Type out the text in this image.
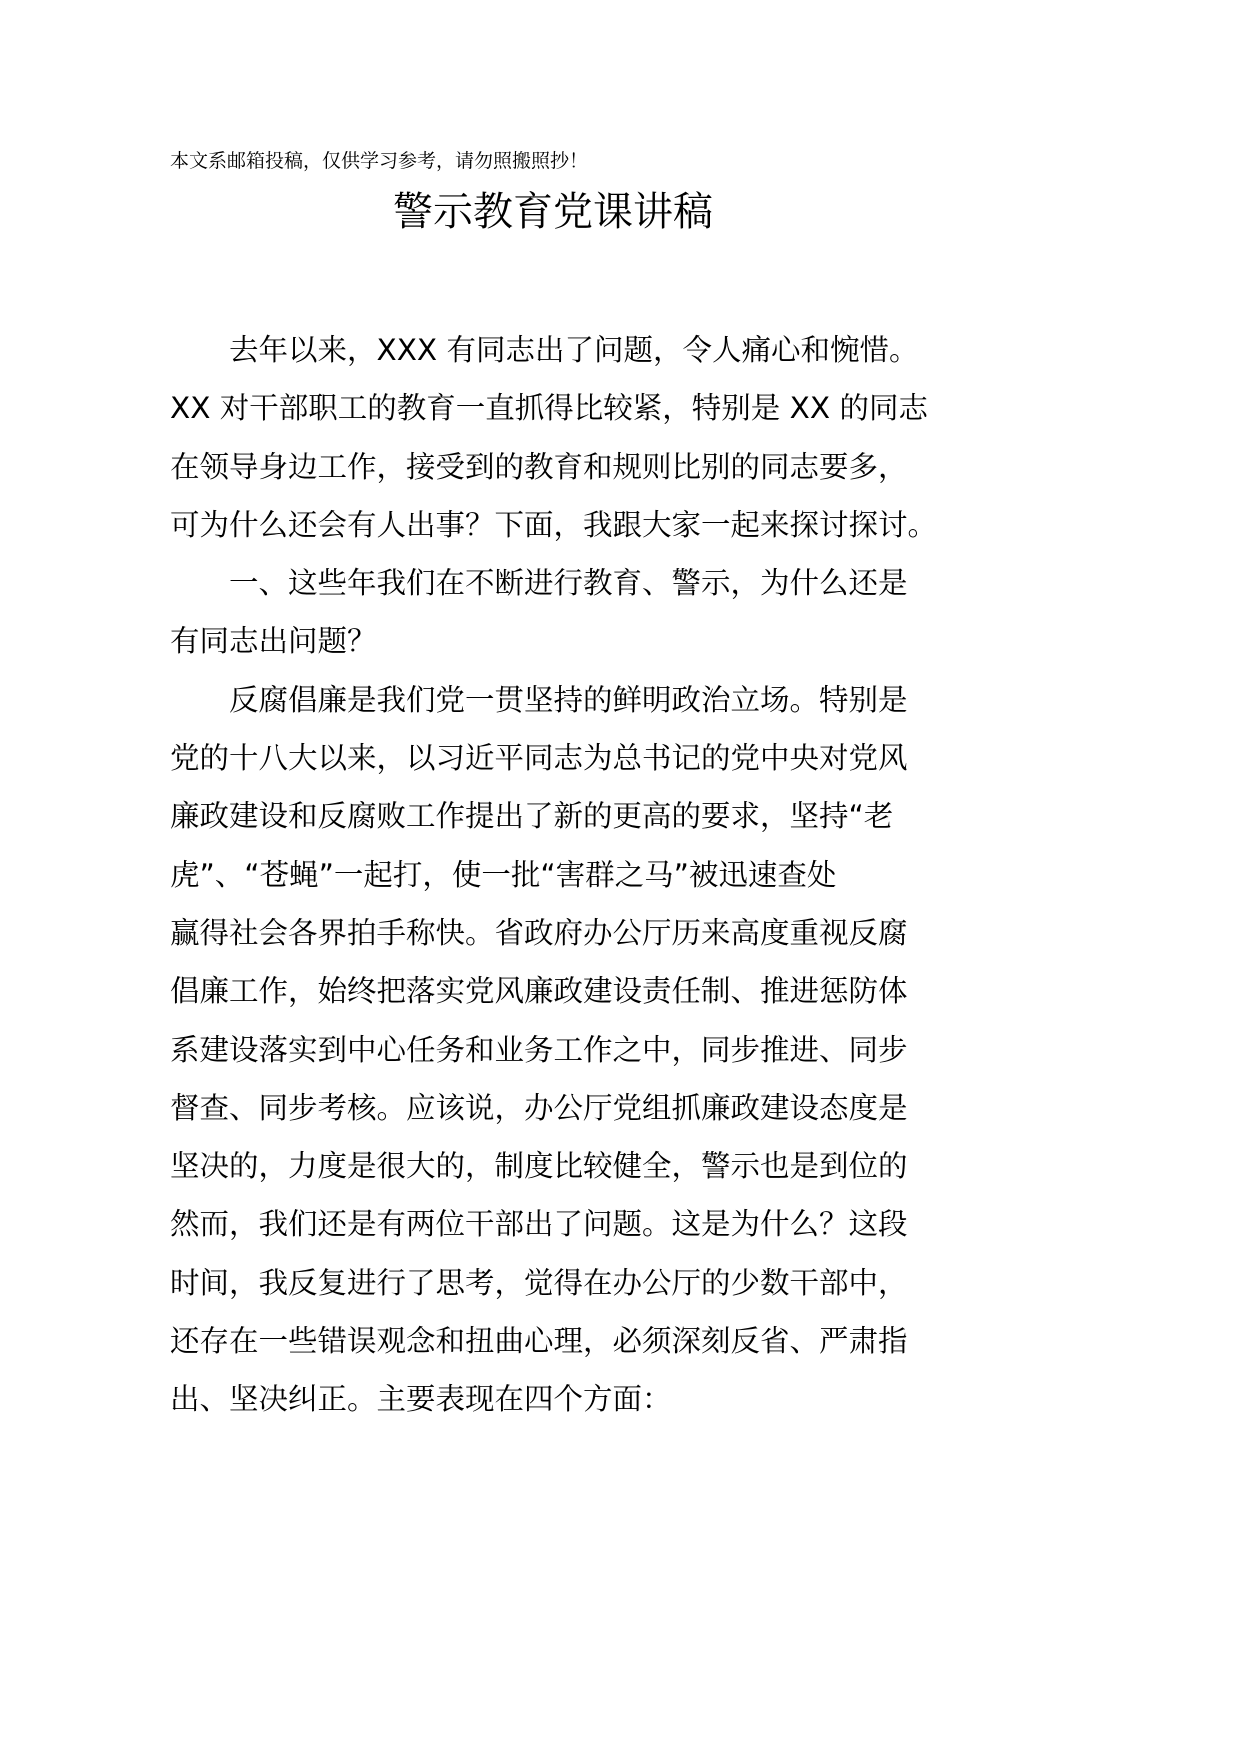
本文系邮箱投稿，仅供学习参考，请勿照搬照抄！
警示教育党课讲稿
　　去年以来，XXX 有同志出了问题，令人痛心和惋惜。
XX 对干部职工的教育一直抓得比较紧，特别是 XX 的同志
在领导身边工作，接受到的教育和规则比别的同志要多，
可为什么还会有人出事？下面，我跟大家一起来探讨探讨。
　　一、这些年我们在不断进行教育、警示，为什么还是
有同志出问题？
　　反腐倡廉是我们党一贯坚持的鲜明政治立场。特别是
党的十八大以来，以习近平同志为总书记的党中央对党风
廉政建设和反腐败工作提出了新的更高的要求，坚持“老
虎”、“苍蝇”一起打，使一批“害群之马”被迅速查处
赢得社会各界拍手称快。省政府办公厅历来高度重视反腐
倡廉工作，始终把落实党风廉政建设责任制、推进惩防体
系建设落实到中心任务和业务工作之中，同步推进、同步
督查、同步考核。应该说，办公厅党组抓廉政建设态度是
坚决的，力度是很大的，制度比较健全，警示也是到位的
然而，我们还是有两位干部出了问题。这是为什么？这段
时间，我反复进行了思考，觉得在办公厅的少数干部中，
还存在一些错误观念和扭曲心理，必须深刻反省、严肃指
出、坚决纠正。主要表现在四个方面：
